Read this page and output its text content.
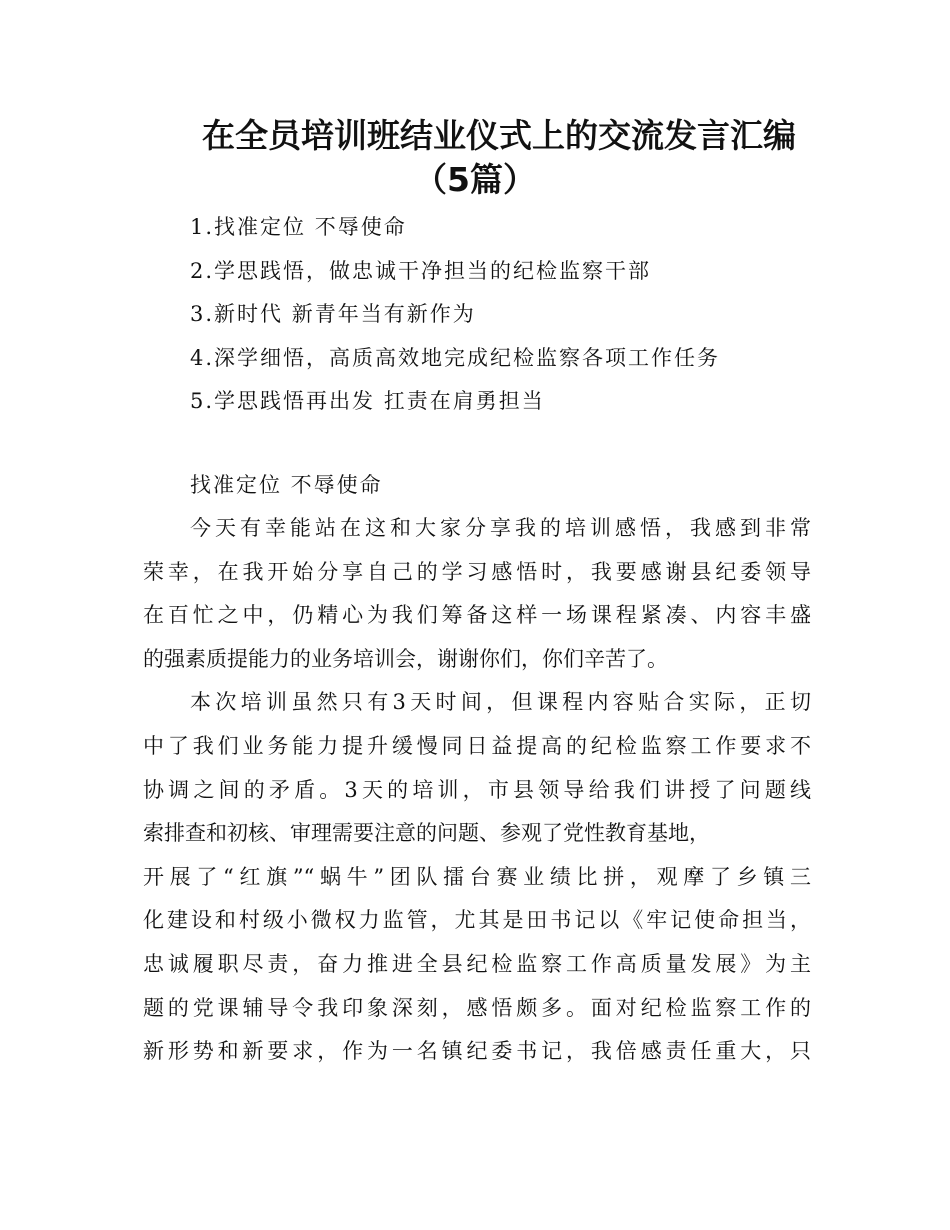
在全员培训班结业仪式上的交流发言汇编
（5篇）
1.找准定位 不辱使命
2.学思践悟，做忠诚干净担当的纪检监察干部
3.新时代 新青年当有新作为
4.深学细悟，高质高效地完成纪检监察各项工作任务
5.学思践悟再出发 扛责在肩勇担当
找准定位 不辱使命
今天有幸能站在这和大家分享我的培训感悟，我感到非常
荣幸，在我开始分享自己的学习感悟时，我要感谢县纪委领导
在百忙之中，仍精心为我们筹备这样一场课程紧凑、内容丰盛
的强素质提能力的业务培训会，谢谢你们，你们辛苦了。
本次培训虽然只有3天时间，但课程内容贴合实际，正切
中了我们业务能力提升缓慢同日益提高的纪检监察工作要求不
协调之间的矛盾。3天的培训，市县领导给我们讲授了问题线
索排查和初核、审理需要注意的问题、参观了党性教育基地，
开展了“红旗”“蜗牛”团队擂台赛业绩比拼，观摩了乡镇三
化建设和村级小微权力监管，尤其是田书记以《牢记使命担当，
忠诚履职尽责，奋力推进全县纪检监察工作高质量发展》为主
题的党课辅导令我印象深刻，感悟颇多。面对纪检监察工作的
新形势和新要求，作为一名镇纪委书记，我倍感责任重大，只
